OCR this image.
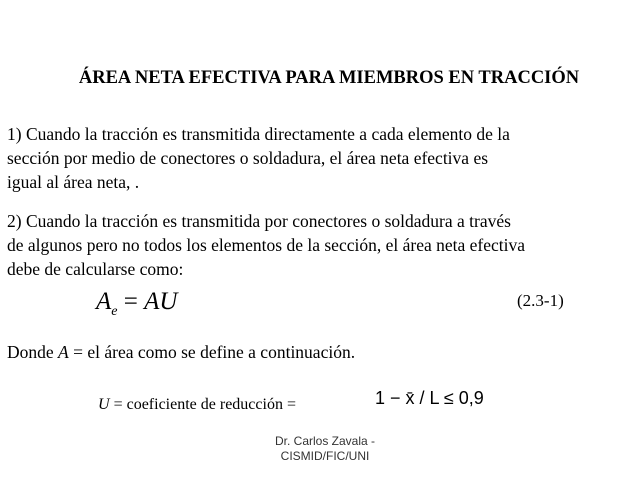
ÁREA NETA EFECTIVA PARA MIEMBROS EN TRACCIÓN
1) Cuando la tracción es transmitida directamente a cada elemento de la
sección por medio de conectores o soldadura, el área neta efectiva es
igual al área neta, .
2) Cuando la tracción es transmitida por conectores o soldadura a través
de algunos pero no todos los elementos de la sección, el área neta efectiva
debe de calcularse como:
$A_e$ = AU	(2.3-1)
Donde A = el área como se define a continuación.
U = coeficiente de reducción =	1 − x̄ / L ≤ 0,9
Dr. Carlos Zavala -
CISMID/FIC/UNI
